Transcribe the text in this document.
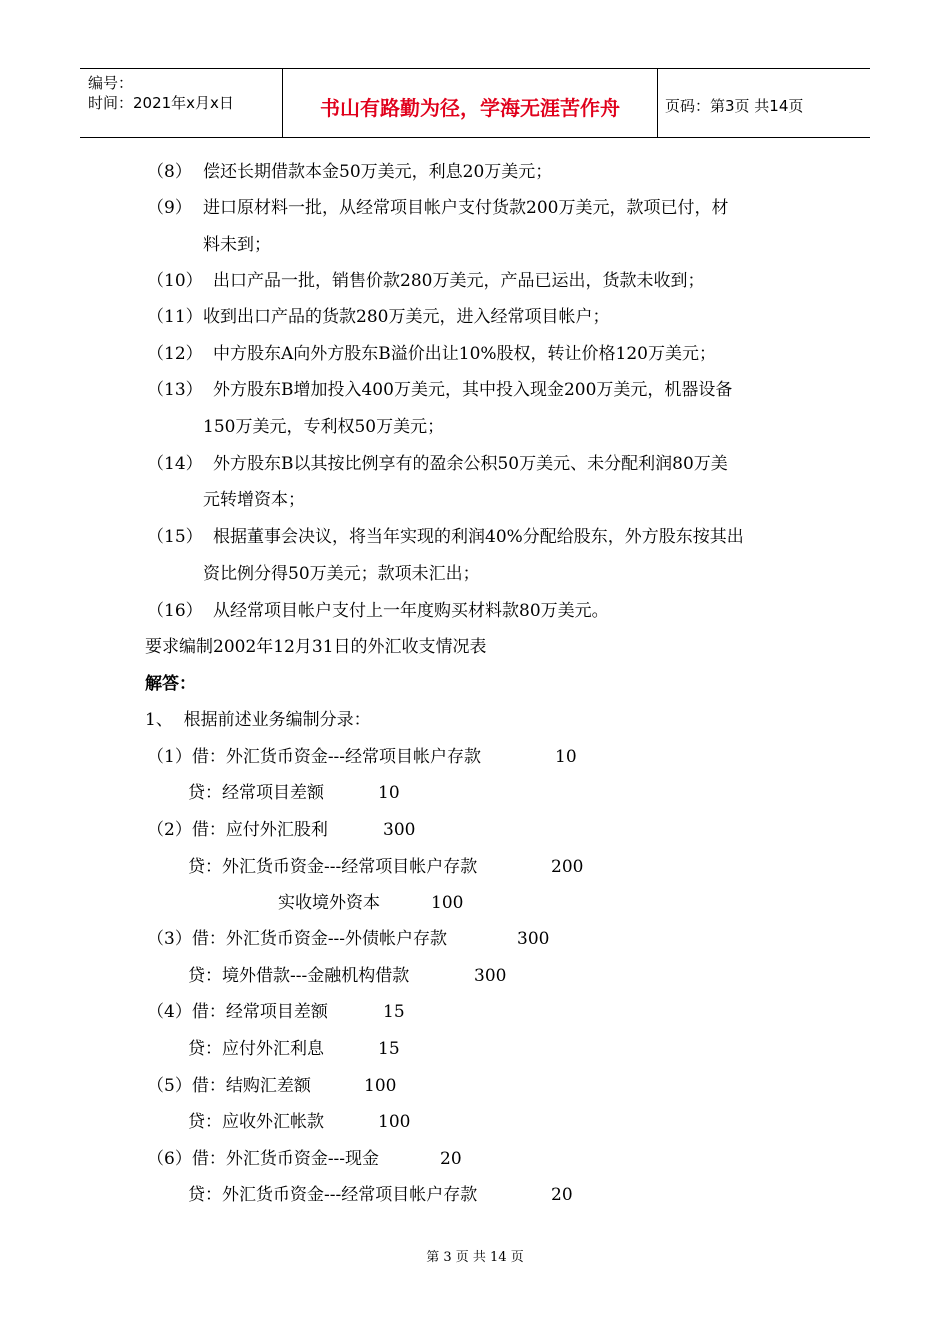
编号：
时间：2021年x月x日	书山有路勤为径，学海无涯苦作舟	页码：第3页 共14页
（8） 偿还长期借款本金50万美元，利息20万美元；
（9） 进口原材料一批，从经常项目帐户支付货款200万美元，款项已付，材
料未到；
（10） 出口产品一批，销售价款280万美元，产品已运出，货款未收到；
（11） 收到出口产品的货款280万美元，进入经常项目帐户；
（12） 中方股东A向外方股东B溢价出让10%股权，转让价格120万美元；
（13） 外方股东B增加投入400万美元，其中投入现金200万美元，机器设备
150万美元，专利权50万美元；
（14） 外方股东B以其按比例享有的盈余公积50万美元、未分配利润80万美
元转增资本；
（15） 根据董事会决议，将当年实现的利润40%分配给股东，外方股东按其出
资比例分得50万美元；款项未汇出；
（16） 从经常项目帐户支付上一年度购买材料款80万美元。
要求编制2002年12月31日的外汇收支情况表
解答：
1、  根据前述业务编制分录：
（1）借：外汇货币资金---经常项目帐户存款	10
贷：经常项目差额	10
（2）借：应付外汇股利	300
贷：外汇货币资金---经常项目帐户存款	200
实收境外资本	100
（3）借：外汇货币资金---外债帐户存款	300
贷：境外借款---金融机构借款	300
（4）借：经常项目差额	15
贷：应付外汇利息	15
（5）借：结购汇差额	100
贷：应收外汇帐款	100
（6）借：外汇货币资金---现金	20
贷：外汇货币资金---经常项目帐户存款	20
第 3 页 共 14 页
